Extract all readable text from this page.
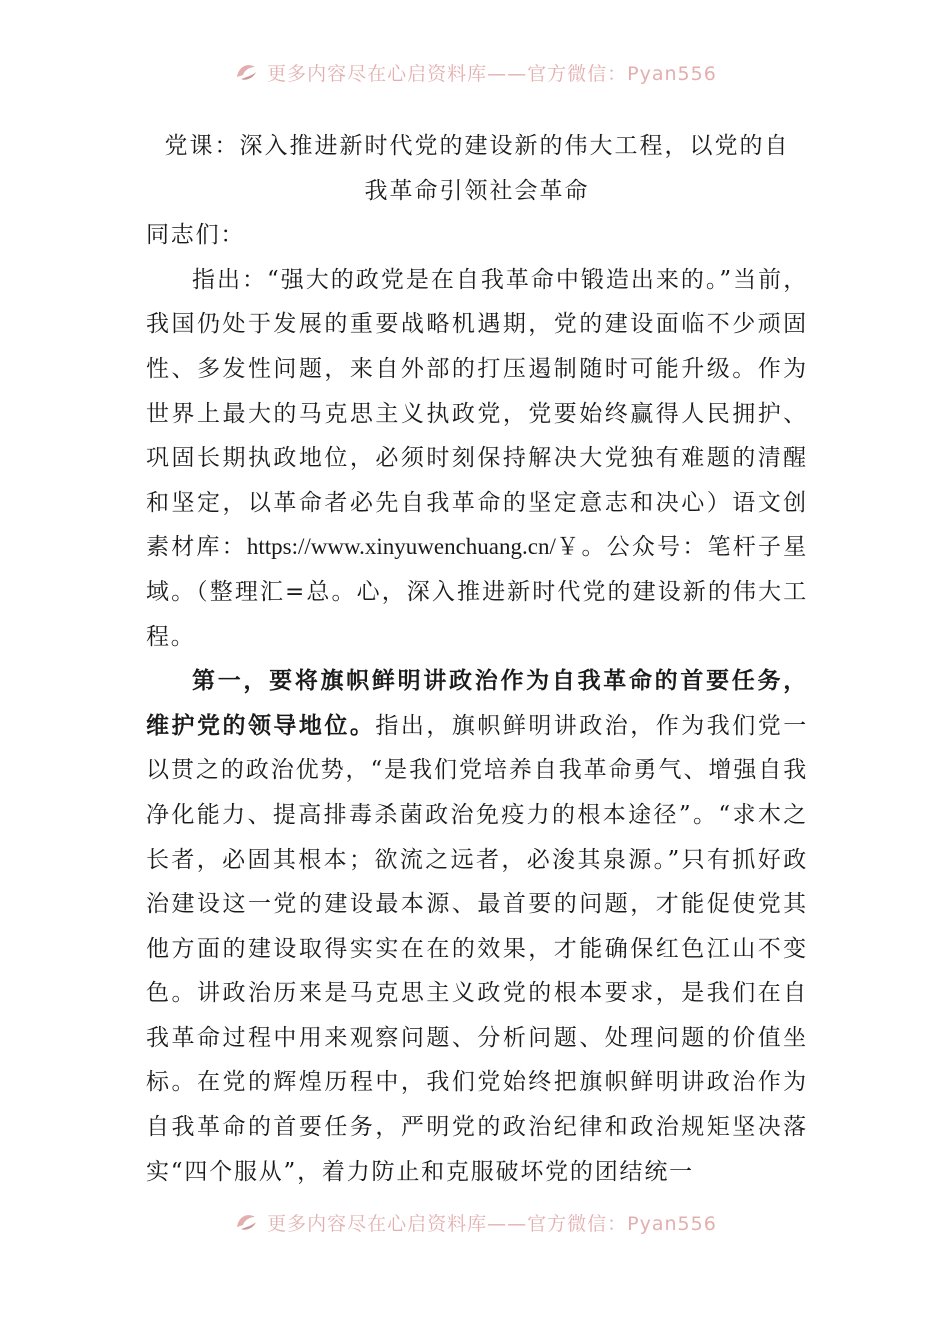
更多内容尽在心启资料库——官方微信：Pyan556
党课：深入推进新时代党的建设新的伟大工程，以党的自
我革命引领社会革命

同志们：

指出：“强大的政党是在自我革命中锻造出来的。”当前，我国仍处于发展的重要战略机遇期，党的建设面临不少顽固性、多发性问题，来自外部的打压遏制随时可能升级。作为世界上最大的马克思主义执政党，党要始终赢得人民拥护、巩固长期执政地位，必须时刻保持解决大党独有难题的清醒和坚定，以革命者必先自我革命的坚定意志和决心）语文创素材库：https://www.xinyuwenchuang.cn/￥。公众号：笔杆子星域。（整理汇=总。心，深入推进新时代党的建设新的伟大工程。

第一，要将旗帜鲜明讲政治作为自我革命的首要任务，维护党的领导地位。指出，旗帜鲜明讲政治，作为我们党一以贯之的政治优势，“是我们党培养自我革命勇气、增强自我净化能力、提高排毒杀菌政治免疫力的根本途径”。“求木之长者，必固其根本；欲流之远者，必浚其泉源。”只有抓好政治建设这一党的建设最本源、最首要的问题，才能促使党其他方面的建设取得实实在在的效果，才能确保红色江山不变色。讲政治历来是马克思主义政党的根本要求，是我们在自我革命过程中用来观察问题、分析问题、处理问题的价值坐标。在党的辉煌历程中，我们党始终把旗帜鲜明讲政治作为自我革命的首要任务，严明党的政治纪律和政治规矩坚决落实“四个服从”，着力防止和克服破坏党的团结统一

更多内容尽在心启资料库——官方微信：Pyan556
